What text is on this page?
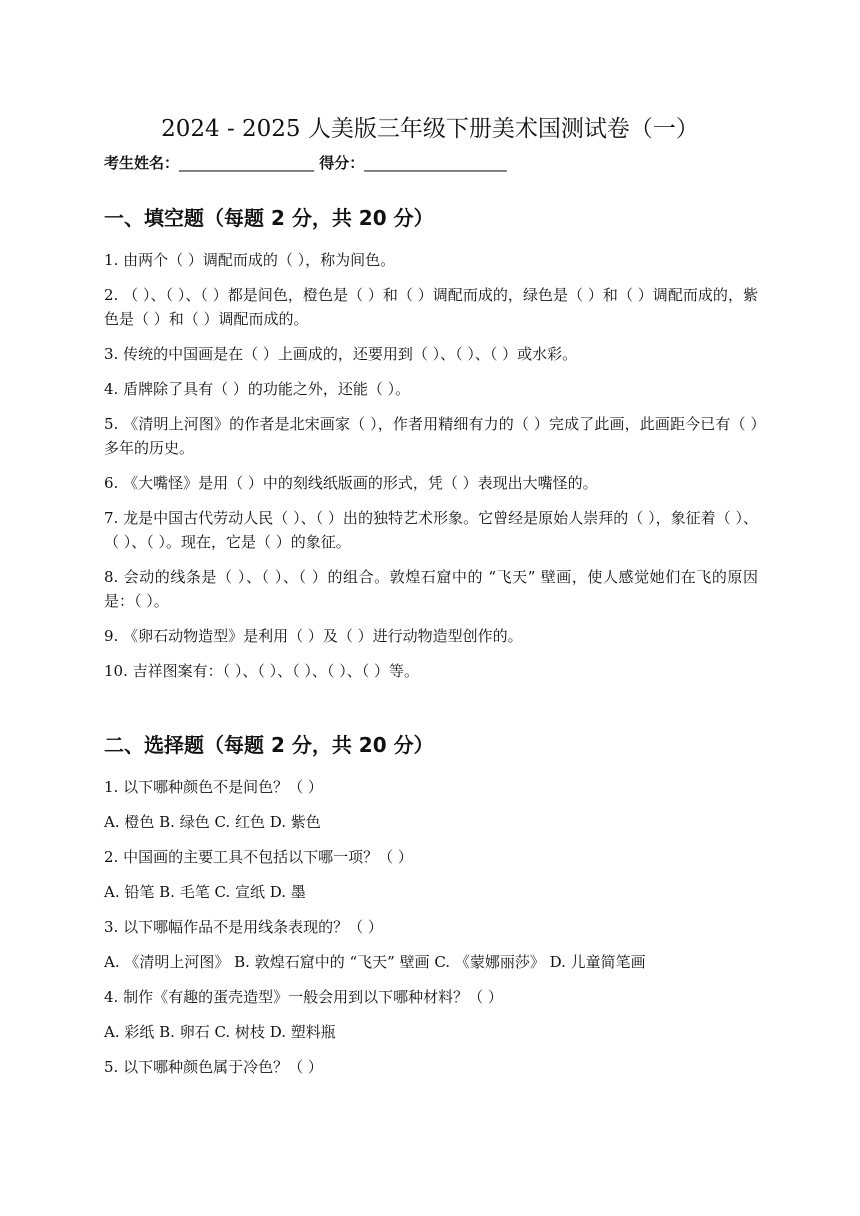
2024 - 2025 人美版三年级下册美术国测试卷（一）
考生姓名：__________________ 得分：___________________
一、填空题（每题 2 分，共 20 分）
1. 由两个（ ）调配而成的（ ），称为间色。
2. （ ）、（ ）、（ ）都是间色，橙色是（ ）和（ ）调配而成的，绿色是（ ）和（ ）调配而成的，紫色是（ ）和（ ）调配而成的。
3. 传统的中国画是在（ ）上画成的，还要用到（ ）、（ ）、（ ）或水彩。
4. 盾牌除了具有（ ）的功能之外，还能（ ）。
5. 《清明上河图》的作者是北宋画家（ ），作者用精细有力的（ ）完成了此画，此画距今已有（ ）多年的历史。
6. 《大嘴怪》是用（ ）中的刻线纸版画的形式，凭（ ）表现出大嘴怪的。
7. 龙是中国古代劳动人民（ ）、（ ）出的独特艺术形象。它曾经是原始人崇拜的（ ），象征着（ ）、（ ）、（ ）。现在，它是（ ）的象征。
8. 会动的线条是（ ）、（ ）、（ ）的组合。敦煌石窟中的 “飞天” 壁画，使人感觉她们在飞的原因是：（ ）。
9. 《卵石动物造型》是利用（ ）及（ ）进行动物造型创作的。
10. 吉祥图案有：（ ）、（ ）、（ ）、（ ）、（ ）等。
二、选择题（每题 2 分，共 20 分）
1. 以下哪种颜色不是间色？（ ）
A. 橙色 B. 绿色 C. 红色 D. 紫色
2. 中国画的主要工具不包括以下哪一项？（ ）
A. 铅笔 B. 毛笔 C. 宣纸 D. 墨
3. 以下哪幅作品不是用线条表现的？（ ）
A. 《清明上河图》 B. 敦煌石窟中的 “飞天” 壁画 C. 《蒙娜丽莎》 D. 儿童简笔画
4. 制作《有趣的蛋壳造型》一般会用到以下哪种材料？（ ）
A. 彩纸 B. 卵石 C. 树枝 D. 塑料瓶
5. 以下哪种颜色属于冷色？（ ）
